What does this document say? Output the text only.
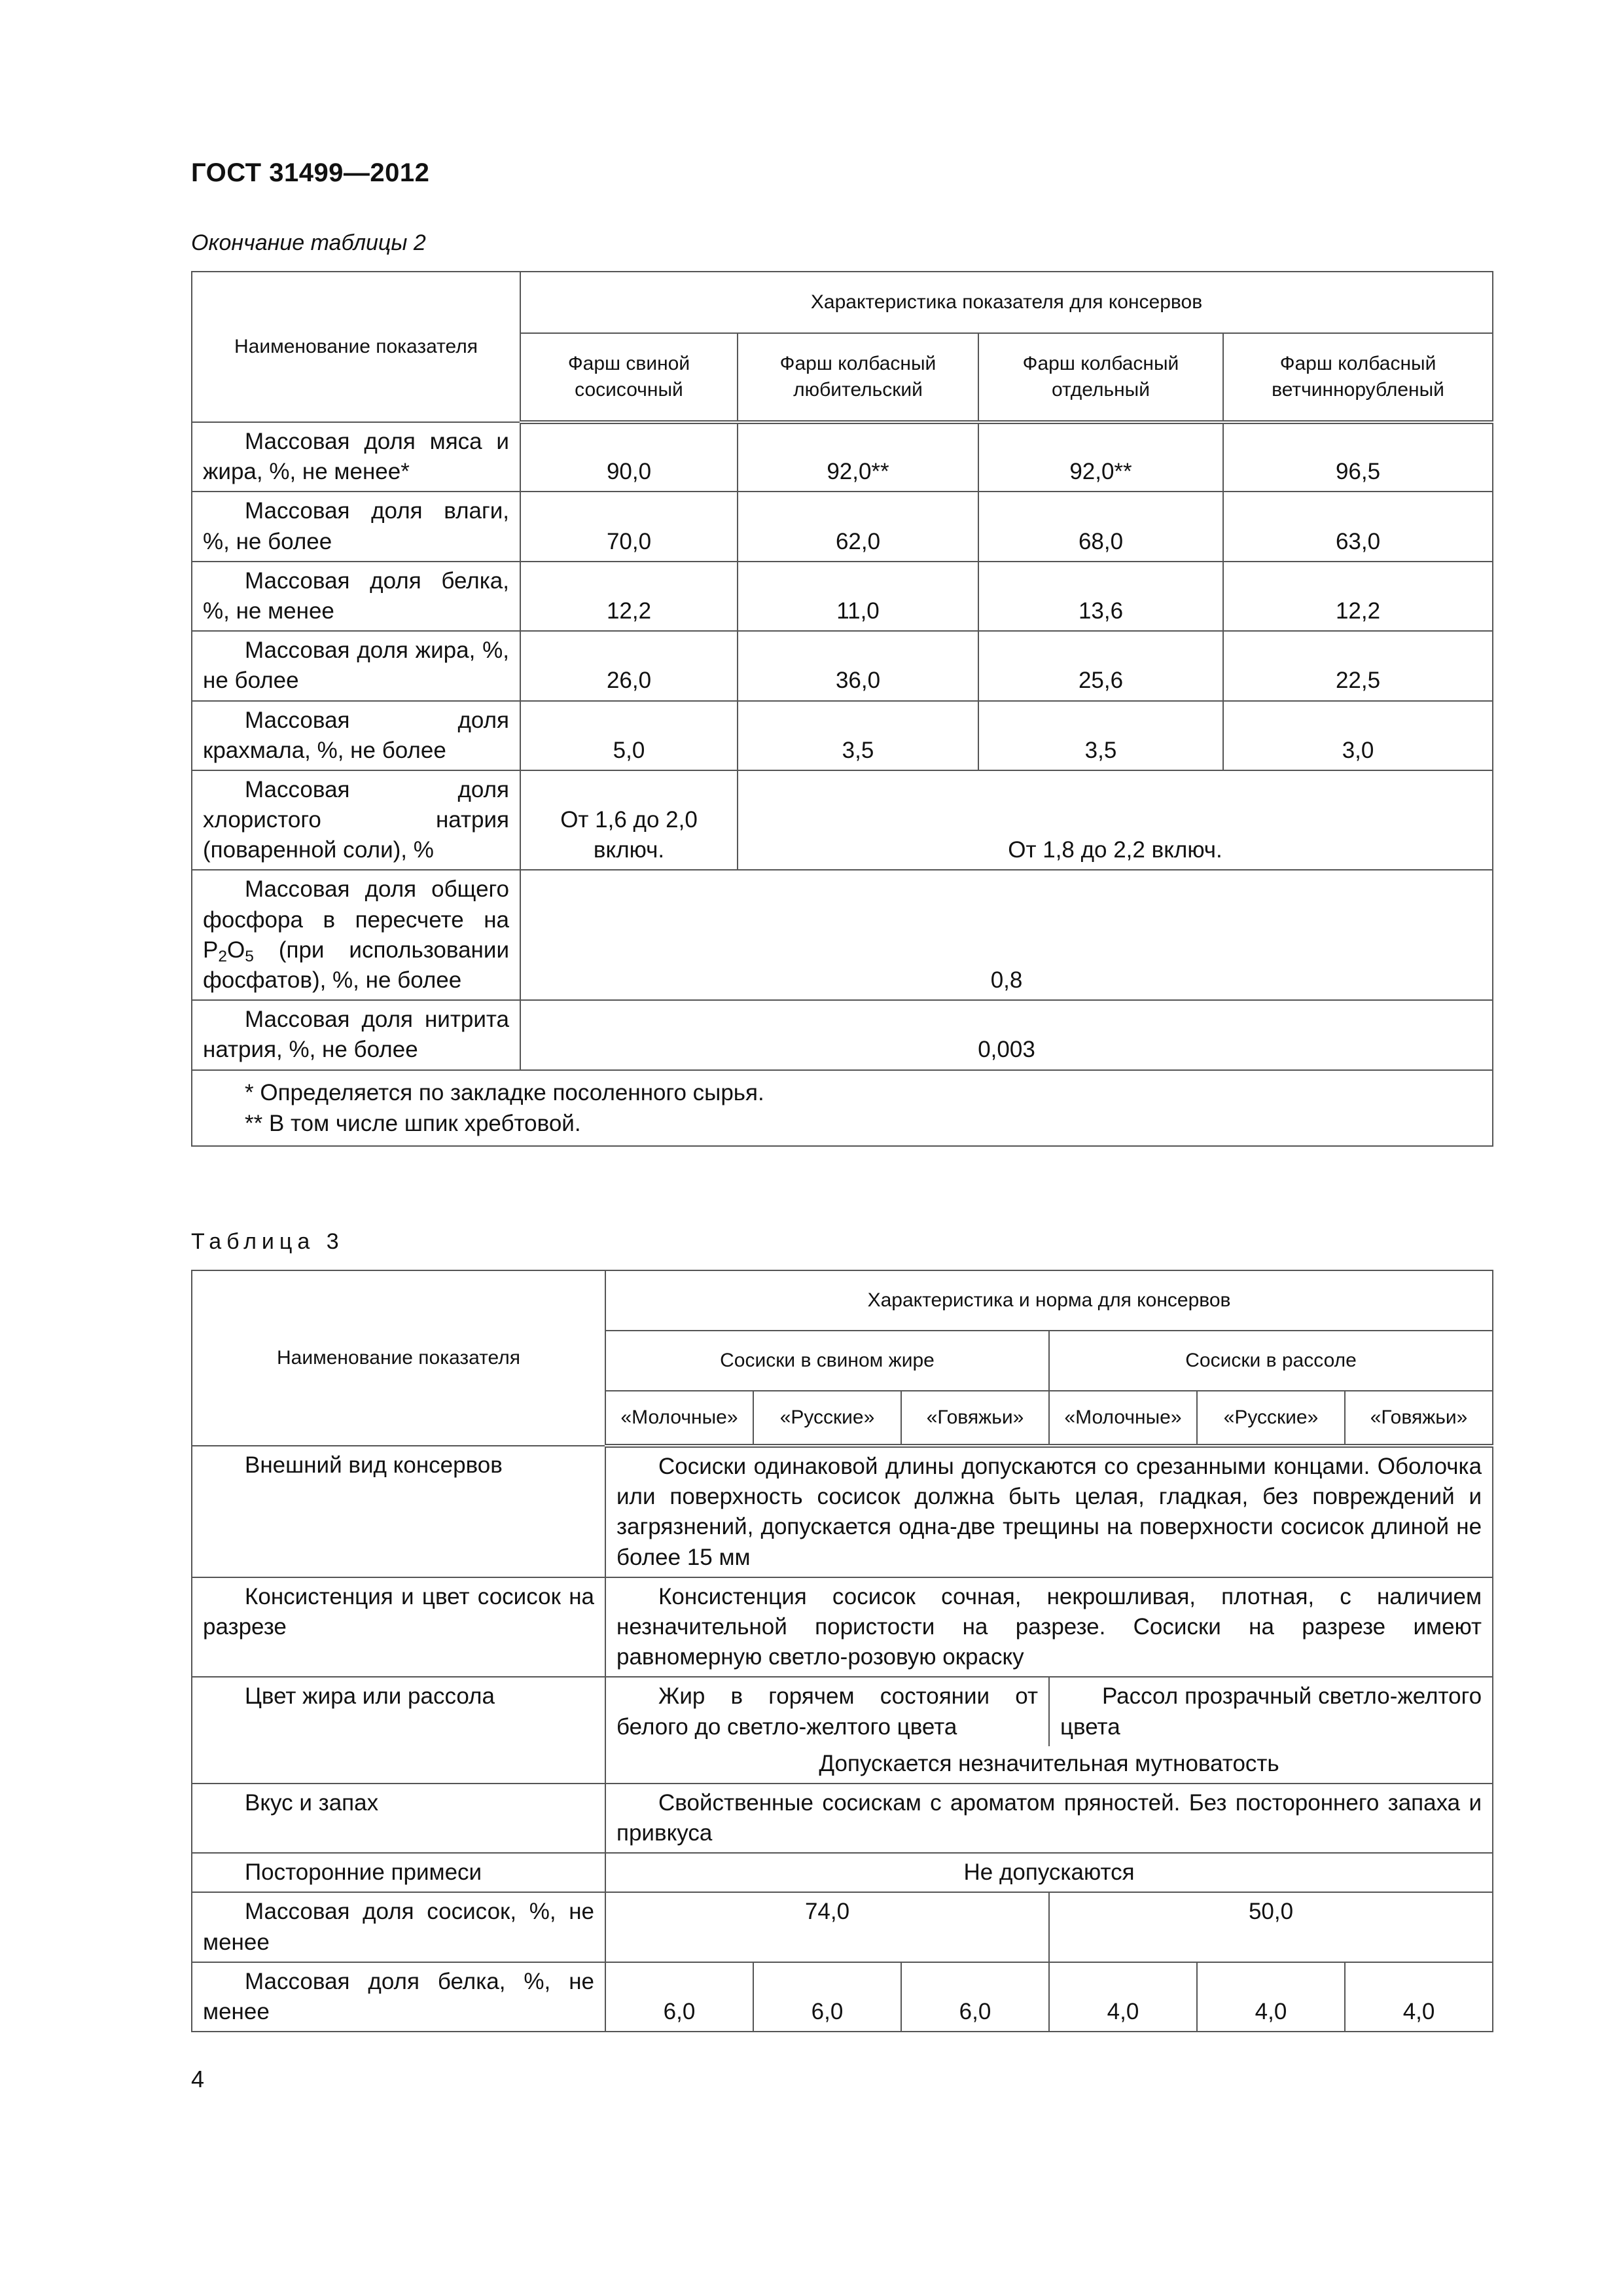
ГОСТ 31499—2012
Окончание таблицы 2
Наименование показателя	Характеристика показателя для консервов			
	Фарш свиной сосисочный	Фарш колбасный любительский	Фарш колбасный отдельный	Фарш колбасный ветчиннорубленый
Массовая доля мяса и жира, %, не менее*	90,0	92,0**	92,0**	96,5
Массовая доля влаги, %, не более	70,0	62,0	68,0	63,0
Массовая доля белка, %, не менее	12,2	11,0	13,6	12,2
Массовая доля жира, %, не более	26,0	36,0	25,6	22,5
Массовая доля крахмала, %, не более	5,0	3,5	3,5	3,0
Массовая доля хлористого натрия (поваренной соли), %	От 1,6 до 2,0 включ.	От 1,8 до 2,2 включ.		
Массовая доля общего фосфора в пересчете на $P_2O_5$ (при использовании фосфатов), %, не более	0,8			
Массовая доля нитрита натрия, %, не более	0,003			

* Определяется по закладке посоленного сырья.
** В том числе шпик хребтовой.				
Таблица 3
Наименование показателя	Характеристика и норма для консервов					
	Сосиски в свином жире			Сосиски в рассоле		
	«Молочные»	«Русские»	«Говяжьи»	«Молочные»	«Русские»	«Говяжьи»
Внешний вид консервов	Сосиски одинаковой длины допускаются со срезанными концами. Оболочка или поверхность сосисок должна быть целая, гладкая, без повреждений и загрязнений, допускается одна-две трещины на поверхности сосисок длиной не более 15 мм					
Консистенция и цвет сосисок на разрезе	Консистенция сосисок сочная, некрошливая, плотная, с наличием незначительной пористости на разрезе. Сосиски на разрезе имеют равномерную светло-розовую окраску					
Цвет жира или рассола	Жир в горячем состоянии от белого до светло-желтого цвета			Рассол прозрачный светло-желтого цвета		
	Допускается незначительная мутноватость					
Вкус и запах	Свойственные сосискам с ароматом пряностей. Без постороннего запаха и привкуса					
Посторонние примеси	Не допускаются					
Массовая доля сосисок, %, не менее	74,0			50,0		
Массовая доля белка, %, не менее	6,0	6,0	6,0	4,0	4,0	4,0
4
